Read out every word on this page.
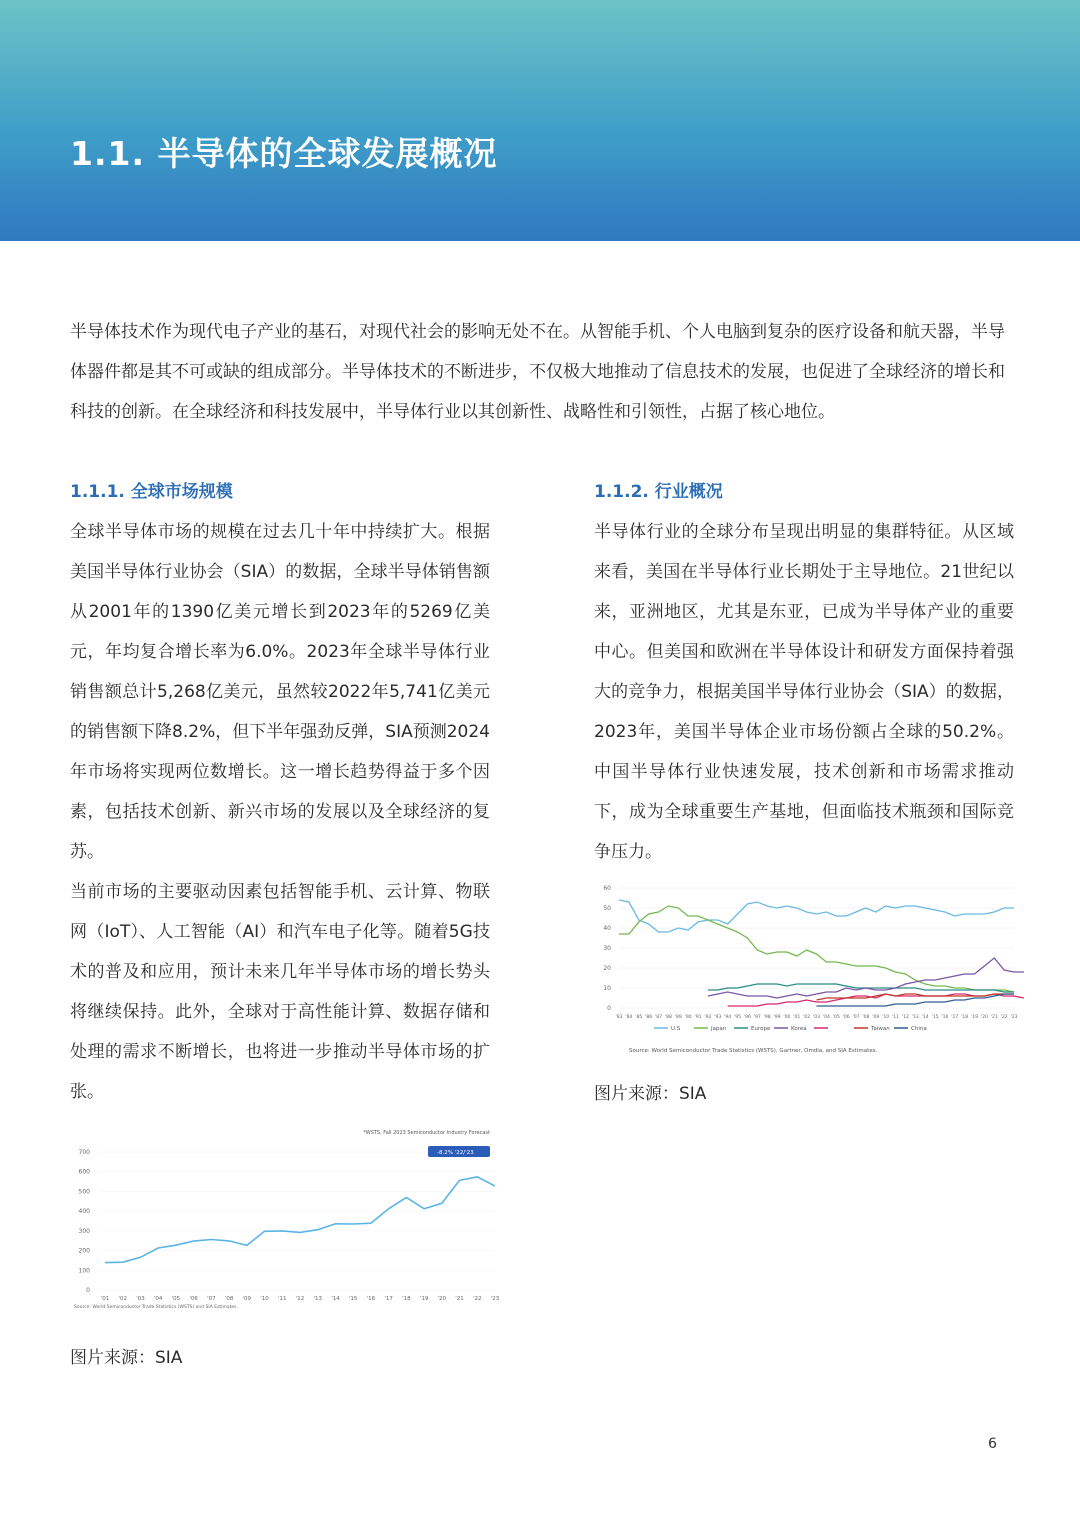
1.1. 半导体的全球发展概况

半导体技术作为现代电子产业的基石，对现代社会的影响无处不在。从智能手机、个人电脑到复杂的医疗设备和航天器，半导体器件都是其不可或缺的组成部分。半导体技术的不断进步，不仅极大地推动了信息技术的发展，也促进了全球经济的增长和科技的创新。在全球经济和科技发展中，半导体行业以其创新性、战略性和引领性，占据了核心地位。

1.1.1. 全球市场规模

全球半导体市场的规模在过去几十年中持续扩大。根据美国半导体行业协会（SIA）的数据，全球半导体销售额从2001年的1390亿美元增长到2023年的5269亿美元，年均复合增长率为6.0%。2023年全球半导体行业销售额总计5,268亿美元，虽然较2022年5,741亿美元的销售额下降8.2%，但下半年强劲反弹，SIA预测2024年市场将实现两位数增长。这一增长趋势得益于多个因素，包括技术创新、新兴市场的发展以及全球经济的复苏。

当前市场的主要驱动因素包括智能手机、云计算、物联网（IoT）、人工智能（AI）和汽车电子化等。随着5G技术的普及和应用，预计未来几年半导体市场的增长势头将继续保持。此外，全球对于高性能计算、数据存储和处理的需求不断增长，也将进一步推动半导体市场的扩张。

*WSTS, Fall 2023 Semiconductor Industry Forecast
0
100
200
300
400
500
600
700
'01 '02 '03 '04 '05 '06 '07 '08 '09 '10 '11 '12 '13 '14 '15 '16 '17 '18 '19 '20 '21 '22 '23
-8.2% '22/'23
Source: World Semiconductor Trade Statistics (WSTS) and SIA Estimates.

图片来源：SIA

1.1.2. 行业概况

半导体行业的全球分布呈现出明显的集群特征。从区域来看，美国在半导体行业长期处于主导地位。21世纪以来，亚洲地区，尤其是东亚，已成为半导体产业的重要中心。但美国和欧洲在半导体设计和研发方面保持着强大的竞争力，根据美国半导体行业协会（SIA）的数据，2023年，美国半导体企业市场份额占全球的50.2%。中国半导体行业快速发展，技术创新和市场需求推动下，成为全球重要生产基地，但面临技术瓶颈和国际竞争压力。

0
10
20
30
40
50
60
'83 '84 '85 '86 '87 '88 '89 '90 '91 '92 '93 '94 '95 '96 '97 '98 '99 '00 '01 '02 '03 '04 '05 '06 '07 '08 '09 '10 '11 '12 '13 '14 '15 '16 '17 '18 '19 '20 '21 '22 '23
U.S	Japan	Europe	Korea	Taiwan	China
Source: World Semiconductor Trade Statistics (WSTS), Gartner, Omdia, and SIA Estimates.

图片来源：SIA

6
